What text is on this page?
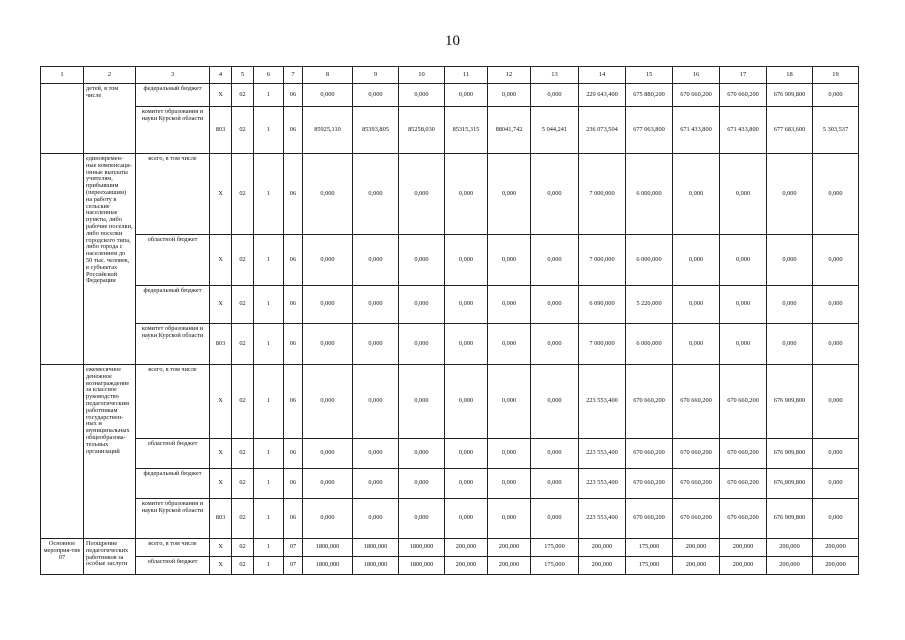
10
1	2	3	4	5	6	7	8	9	10	11	12	13	14	15	16	17	18	19
	детей, в том числе	федеральный бюджет	X	02	1	06	0,000	0,000	0,000	0,000	0,000	0,000	229 643,400	675 880,200	670 660,200	670 660,200	676 909,800	0,000
		комитет образования и науки Курской области	803	02	1	06	85925,110	85393,805	85258,030	85315,315	88041,742	5 044,241	236 073,504	677 063,800	671 433,800	671 433,800	677 683,600	5 303,537
	единовремен-ные компенсаци-онные выплаты учителям, прибывшим (переехавшим) на работу в сельские населенные пункты, либо рабочие поселки, либо поселки городского типа, либо города с населением до 50 тыс. человек, в субъектах Российской Федерации	всего, в том числе	X	02	1	06	0,000	0,000	0,000	0,000	0,000	0,000	7 000,000	6 000,000	0,000	0,000	0,000	0,000
		областной бюджет	X	02	1	06	0,000	0,000	0,000	0,000	0,000	0,000	7 000,000	6 000,000	0,000	0,000	0,000	0,000
		федеральный бюджет	X	02	1	06	0,000	0,000	0,000	0,000	0,000	0,000	6 090,000	5 220,000	0,000	0,000	0,000	0,000
		комитет образования и науки Курской области	803	02	1	06	0,000	0,000	0,000	0,000	0,000	0,000	7 000,000	6 000,000	0,000	0,000	0,000	0,000
	ежемесячное денежное вознаграждение за классное руководство педагогическим работникам государствен-ных и муниципальных общеобразова-тельных организаций	всего, в том числе	X	02	1	06	0,000	0,000	0,000	0,000	0,000	0,000	223 553,400	670 660,200	670 660,200	670 660,200	676 909,800	0,000
		областной бюджет	X	02	1	06	0,000	0,000	0,000	0,000	0,000	0,000	223 553,400	670 660,200	670 660,200	670 660,200	676 909,800	0,000
		федеральный бюджет	X	02	1	06	0,000	0,000	0,000	0,000	0,000	0,000	223 553,400	670 660,200	670 660,200	670 660,200	676,909,800	0,000
		комитет образования и науки Курской области	803	02	1	06	0,000	0,000	0,000	0,000	0,000	0,000	223 553,400	670 660,200	670 660,200	670 660,200	676 909,800	0,000
Основное мероприя-тие 07	Поощрение педагогических работников за особые заслуги	всего, в том числе	X	02	1	07	1800,000	1800,000	1800,000	200,000	200,000	175,000	200,000	175,000	200,000	200,000	200,000	200,000
		областной бюджет	X	02	1	07	1800,000	1800,000	1800,000	200,000	200,000	175,000	200,000	175,000	200,000	200,000	200,000	200,000
